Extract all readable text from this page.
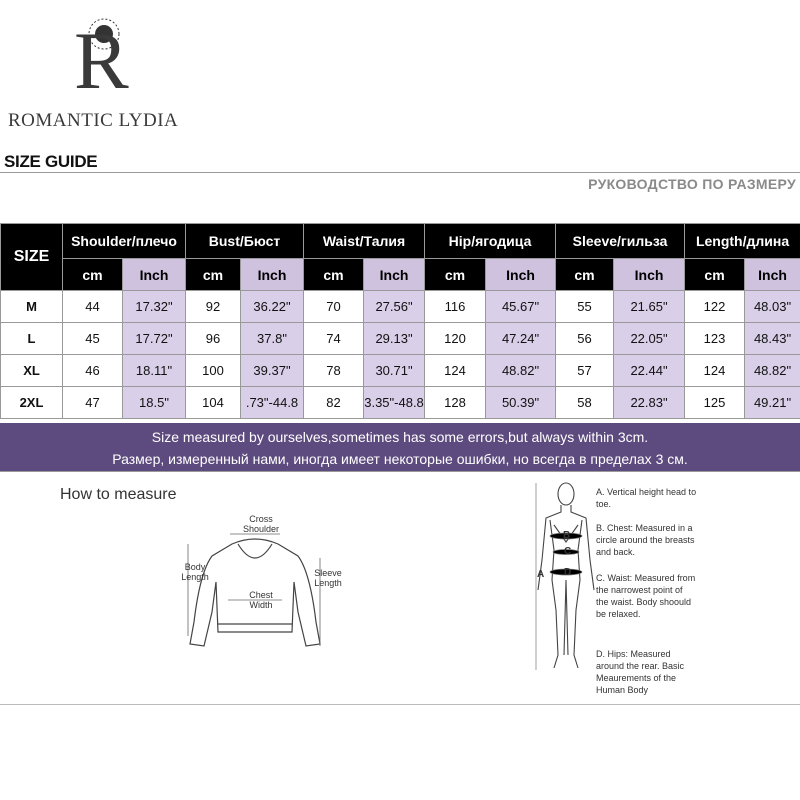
R
ROMANTIC LYDIA
SIZE GUIDE
РУКОВОДСТВО ПО РАЗМЕРУ
SIZE	Shoulder/плечо		Bust/Бюст		Waist/Талия		Hip/ягодица		Sleeve/гильза		Length/длина	
	cm	Inch	cm	Inch	cm	Inch	cm	Inch	cm	Inch	cm	Inch
M	44	17.32"	92	36.22"	70	27.56"	116	45.67"	55	21.65"	122	48.03"
L	45	17.72"	96	37.8"	74	29.13"	120	47.24"	56	22.05"	123	48.43"
XL	46	18.11"	100	39.37"	78	30.71"	124	48.82"	57	22.44"	124	48.82"
2XL	47	18.5"	104	.73"-44.8	82	3.35"-48.8	128	50.39"	58	22.83"	125	49.21"
Size measured by ourselves,sometimes has some errors,but always within 3cm.
Размер, измеренный нами, иногда имеет некоторые ошибки, но всегда в пределах 3 см.
How to measure
Cross Shoulder
Body Length
Chest Width
Sleeve Length
A
B
C
D
A. Vertical height head to toe.
B. Chest: Measured in a circle around the breasts and back.
C. Waist: Measured from the narrowest point of the waist. Body shoould be relaxed.
D. Hips: Measured around the rear. Basic Meaurements of the Human Body
